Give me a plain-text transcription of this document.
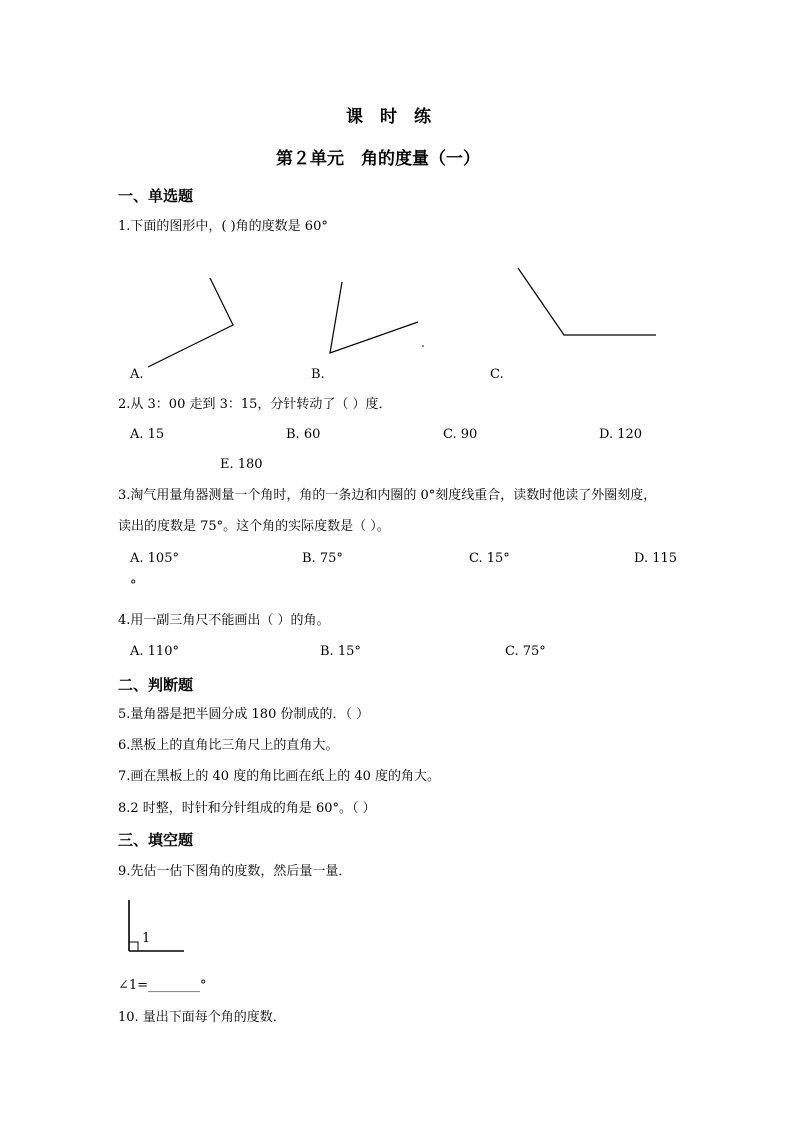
课　时　练
第２单元　角的度量（一）
一、单选题
1.下面的图形中，( )角的度数是 60°
A.	B.	C.
2.从 3：00 走到 3：15，分针转动了（ ）度．
A. 15	B. 60	C. 90	D. 120
E. 180
3.淘气用量角器测量一个角时，角的一条边和内圈的 0°刻度线重合，读数时他读了外圈刻度，
读出的度数是 75°。这个角的实际度数是（ ）。
A. 105°	B. 75°	C. 15°	D. 115
°
4.用一副三角尺不能画出（ ）的角。
A. 110°	B. 15°	C. 75°
二、判断题
5.量角器是把半圆分成 180 份制成的．（ ）
6.黑板上的直角比三角尺上的直角大。
7.画在黑板上的 40 度的角比画在纸上的 40 度的角大。
8.2 时整，时针和分针组成的角是 60°。（ ）
三、填空题
9.先估一估下图角的度数，然后量一量．
1
∠1=________°
10. 量出下面每个角的度数．
